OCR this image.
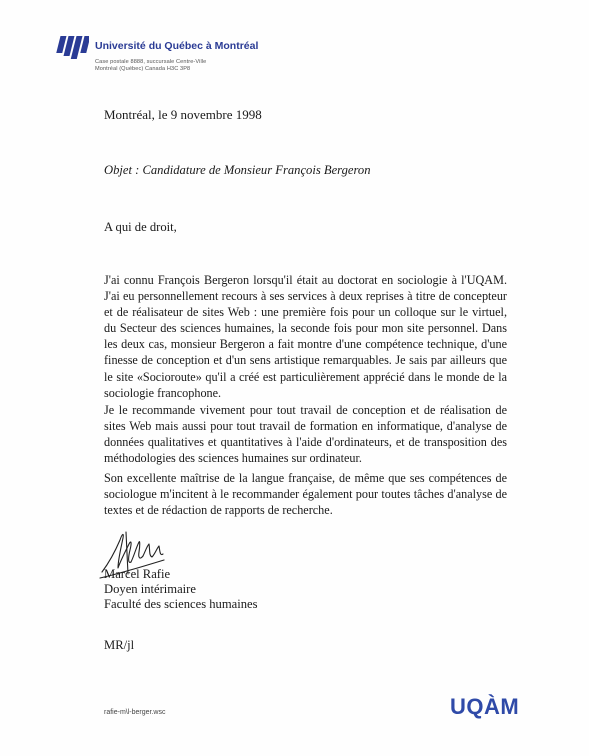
Université du Québec à Montréal
Case postale 8888, succursale Centre-Ville
Montréal (Québec) Canada H3C 3P8
Montréal, le 9 novembre 1998
Objet : Candidature de Monsieur François Bergeron
A qui de droit,
J'ai connu François Bergeron lorsqu'il était au doctorat en sociologie à l'UQAM. J'ai eu personnellement recours à ses services à deux reprises à titre de concepteur et de réalisateur de sites Web : une première fois pour un colloque sur le virtuel, du Secteur des sciences humaines, la seconde fois pour mon site personnel. Dans les deux cas, monsieur Bergeron a fait montre d'une compétence technique, d'une finesse de conception et d'un sens artistique remarquables. Je sais par ailleurs que le site «Socioroute» qu'il a créé est particulièrement apprécié dans le monde de la sociologie francophone.
Je le recommande vivement pour tout travail de conception et de réalisation de sites Web mais aussi pour tout travail de formation en informatique, d'analyse de données qualitatives et quantitatives à l'aide d'ordinateurs, et de transposition des méthodologies des sciences humaines sur ordinateur.
Son excellente maîtrise de la langue française, de même que ses compétences de sociologue m'incitent à le recommander également pour toutes tâches d'analyse de textes et de rédaction de rapports de recherche.
Marcel Rafie
Doyen intérimaire
Faculté des sciences humaines
MR/jl
rafie-m\l-berger.wsc	UQÀM
